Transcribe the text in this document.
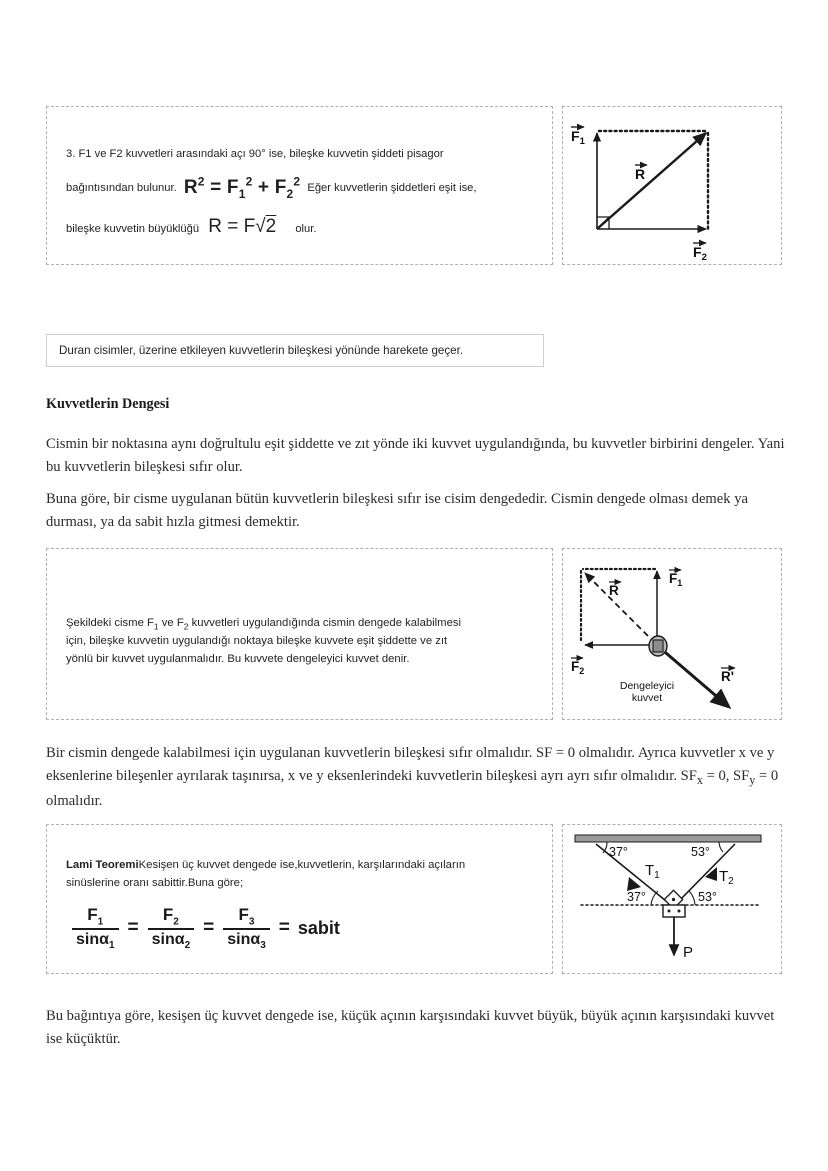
3. F1 ve F2 kuvvetleri arasındaki açı 90° ise, bileşke kuvvetin şiddeti pisagor
bağıntısından bulunur. $R^2 = F_1^2 + F_2^2$ Eğer kuvvetlerin şiddetleri eşit ise,
bileşke kuvvetin büyüklüğü R = F√2 olur.
$F_1$
$F_2$
R
Duran cisimler, üzerine etkileyen kuvvetlerin bileşkesi yönünde harekete geçer.
Kuvvetlerin Dengesi
Cismin bir noktasına aynı doğrultulu eşit şiddette ve zıt yönde iki kuvvet uygulandığında, bu kuvvetler birbirini dengeler. Yani bu kuvvetlerin bileşkesi sıfır olur.
Buna göre, bir cisme uygulanan bütün kuvvetlerin bileşkesi sıfır ise cisim dengededir. Cismin dengede olması demek ya durması, ya da sabit hızla gitmesi demektir.
Şekildeki cisme $F_1$ ve $F_2$ kuvvetleri uygulandığında cismin dengede kalabilmesi
için, bileşke kuvvetin uygulandığı noktaya bileşke kuvvete eşit şiddette ve zıt
yönlü bir kuvvet uygulanmalıdır. Bu kuvvete dengeleyici kuvvet denir.
$F_1$
$F_2$
R
R'
Dengeleyici
kuvvet
Bir cismin dengede kalabilmesi için uygulanan kuvvetlerin bileşkesi sıfır olmalıdır. SF = 0 olmalıdır. Ayrıca kuvvetler x ve y eksenlerine bileşenler ayrılarak taşınırsa, x ve y eksenlerindeki kuvvetlerin bileşkesi ayrı ayrı sıfır olmalıdır. $SF_x = 0$, $SF_y = 0$ olmalıdır.
Lami TeoremiKesişen üç kuvvet dengede ise,kuvvetlerin, karşılarındaki açıların
sinüslerine oranı sabittir.Buna göre;
$\frac{F_1}{\sin\alpha_1} = \frac{F_2}{\sin\alpha_2} = \frac{F_3}{\sin\alpha_3}$ = sabit
37°	53°
37°	53°
$T_1$	$T_2$
P
Bu bağıntıya göre, kesişen üç kuvvet dengede ise, küçük açının karşısındaki kuvvet büyük, büyük açının karşısındaki kuvvet ise küçüktür.
